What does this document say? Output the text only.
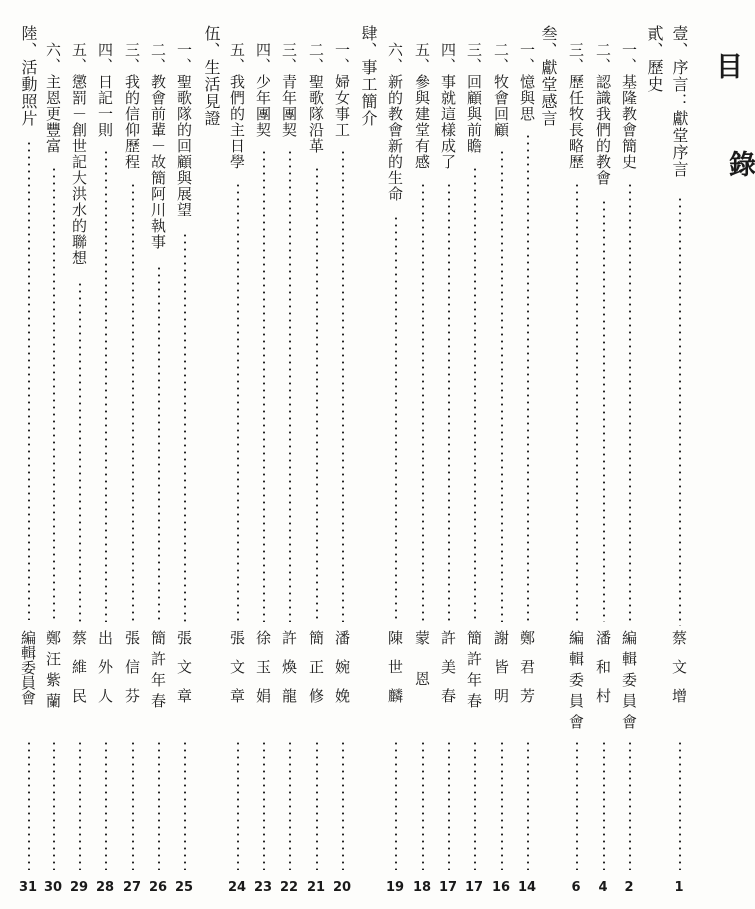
目
錄
壹、序言：獻堂序言
蔡文增
1
貳、歷史
叁、獻堂感言
肆、事工簡介
伍、生活見證
陸、活動照片
編輯委員會
31
一、基隆教會簡史
編輯委員會
2
二、認識我們的教會
潘和村
4
三、歷任牧長略歷
編輯委員會
6
一、憶與思
鄭君芳
14
二、牧會回顧
謝皆明
16
三、回顧與前瞻
簡許年春
17
四、事就這樣成了
許美春
17
五、參與建堂有感
蒙恩
18
六、新的教會新的生命
陳世麟
19
一、婦女事工
潘婉娩
20
二、聖歌隊沿革
簡正修
21
三、青年團契
許煥龍
22
四、少年團契
徐玉娟
23
五、我們的主日學
張文章
24
一、聖歌隊的回顧與展望
張文章
25
二、教會前輩－故簡阿川執事
簡許年春
26
三、我的信仰歷程
張信芬
27
四、日記一則
出外人
28
五、懲罰－創世記大洪水的聯想
蔡維民
29
六、主恩更豐富
鄭汪紫蘭
30
